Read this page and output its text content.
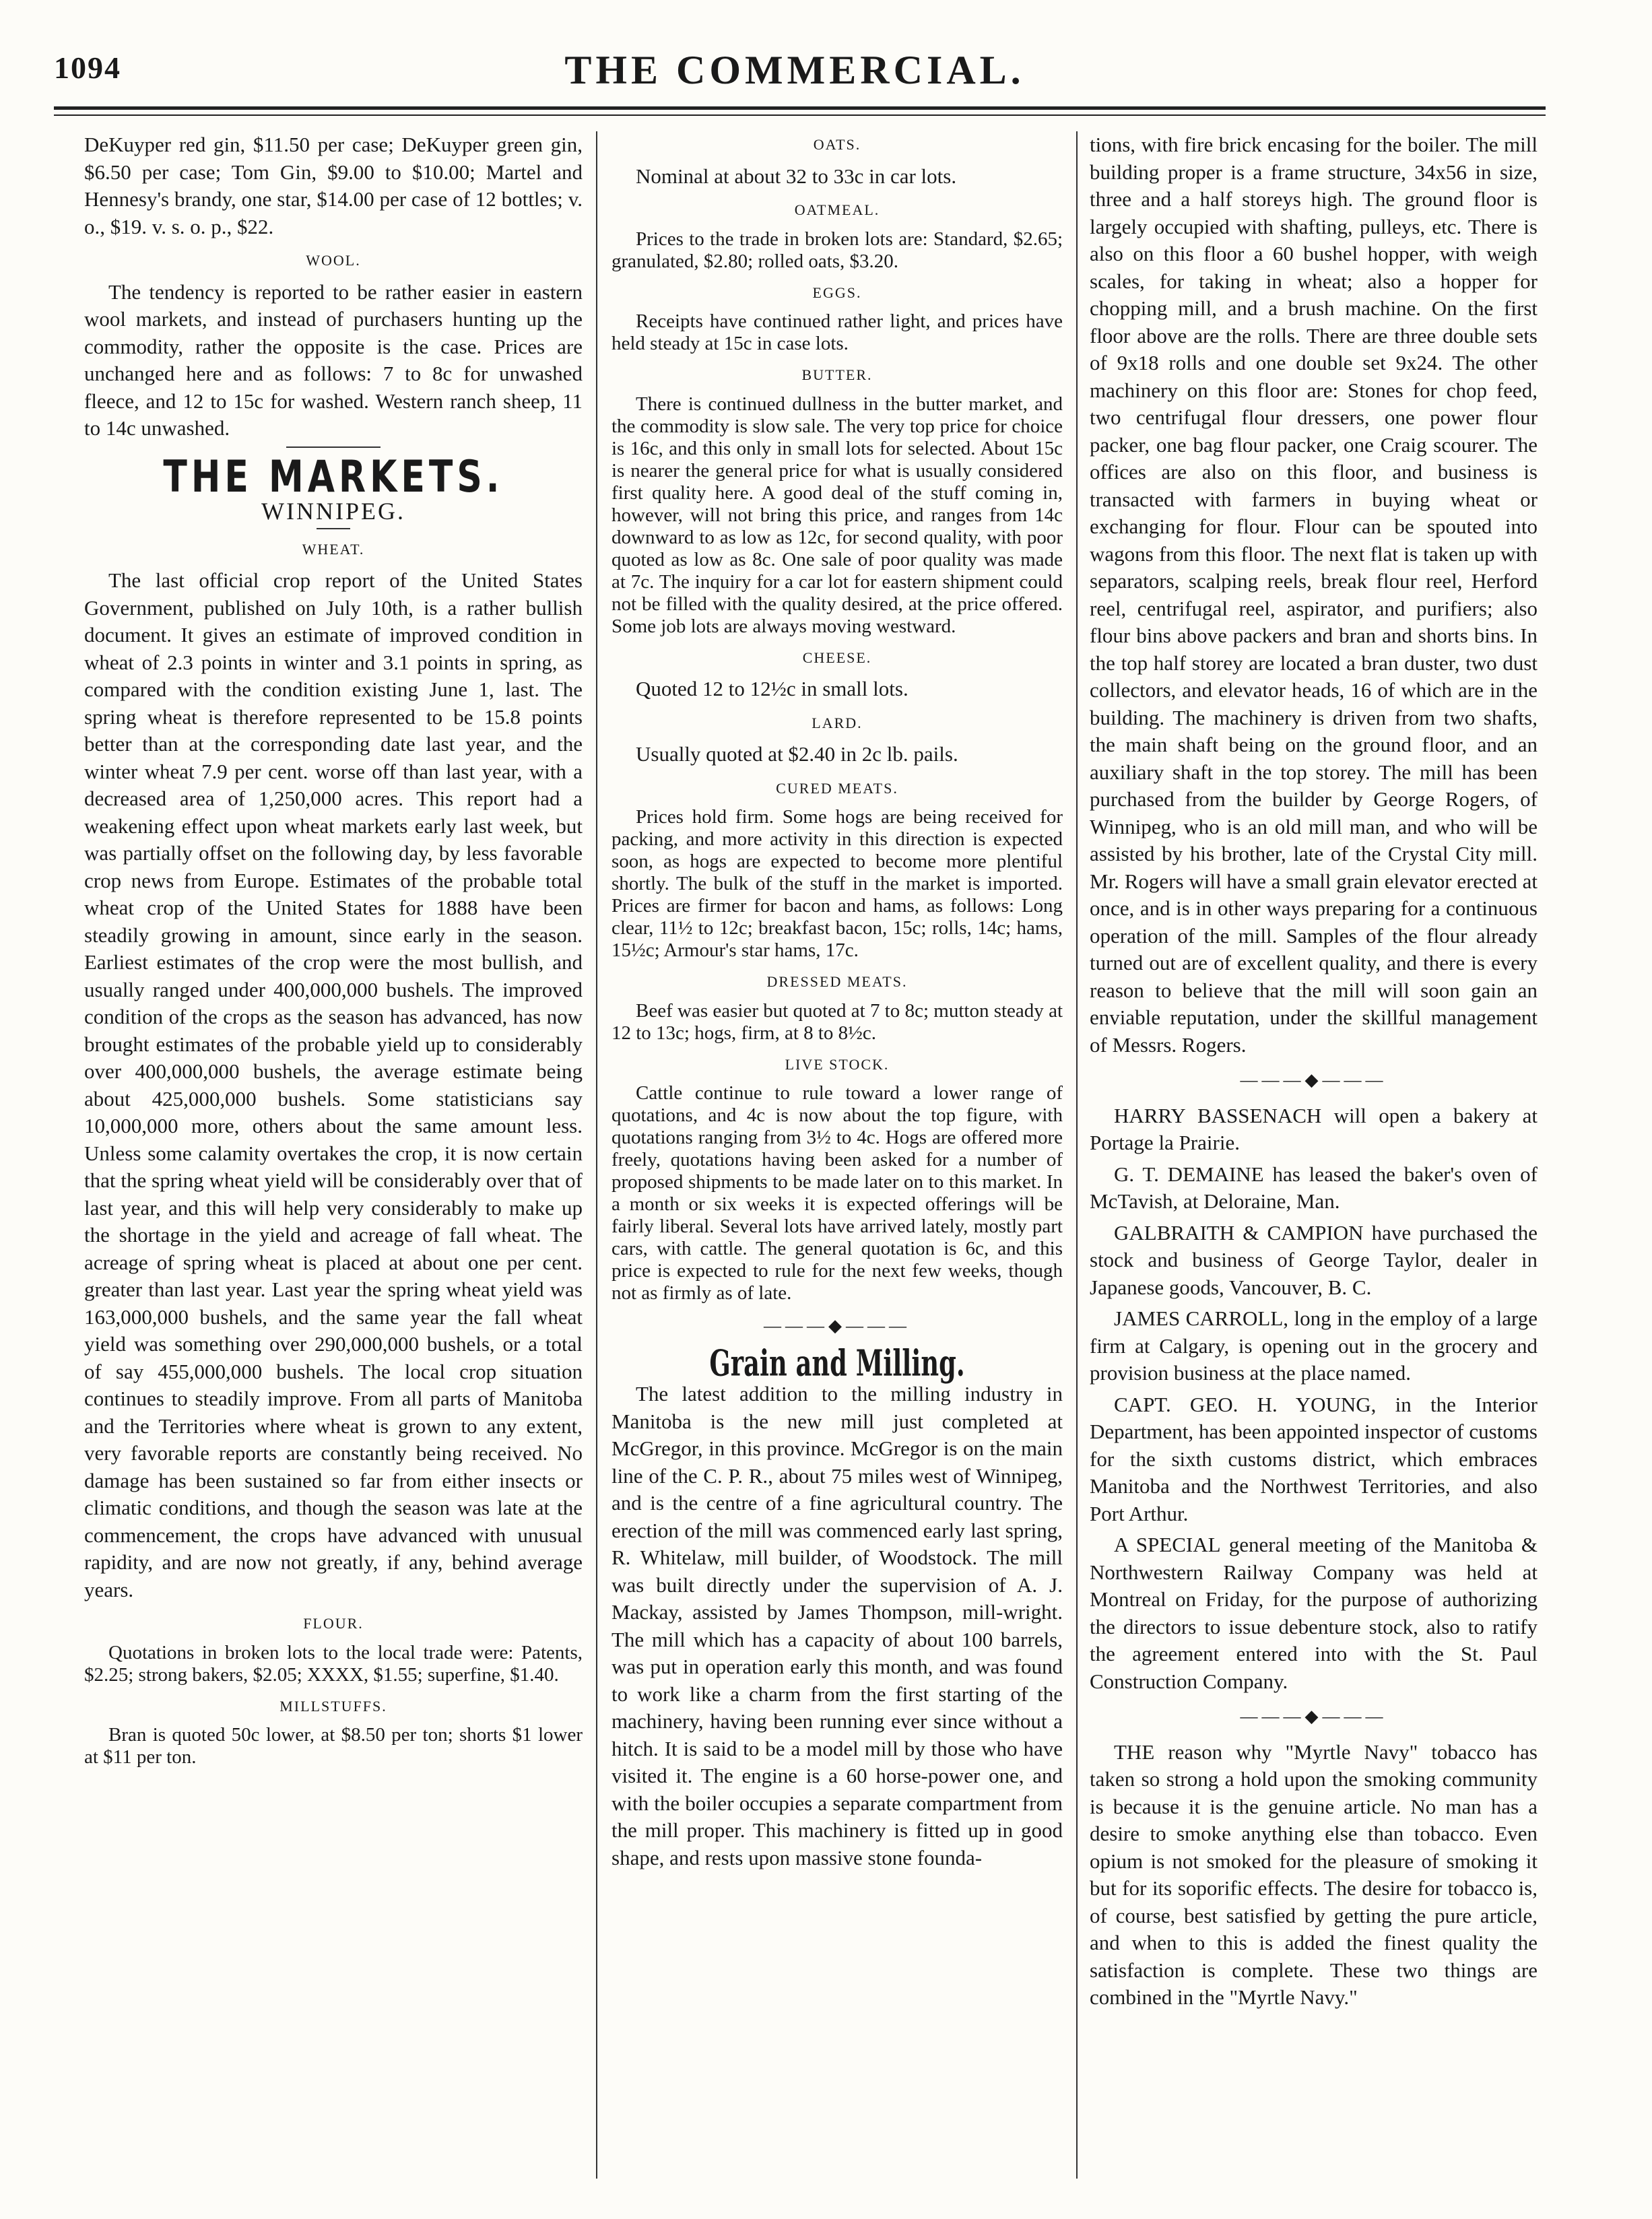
1094	THE COMMERCIAL.

DeKuyper red gin, $11.50 per case; DeKuyper green gin, $6.50 per case; Tom Gin, $9.00 to $10.00; Martel and Hennesy's brandy, one star, $14.00 per case of 12 bottles; v. o., $19. v. s. o. p., $22.

WOOL.

The tendency is reported to be rather easier in eastern wool markets, and instead of purchasers hunting up the commodity, rather the opposite is the case. Prices are unchanged here and as follows: 7 to 8c for unwashed fleece, and 12 to 15c for washed. Western ranch sheep, 11 to 14c unwashed.

THE MARKETS.
WINNIPEG.
WHEAT.

The last official crop report of the United States Government, published on July 10th, is a rather bullish document. It gives an estimate of improved condition in wheat of 2.3 points in winter and 3.1 points in spring, as compared with the condition existing June 1, last. The spring wheat is therefore represented to be 15.8 points better than at the corresponding date last year, and the winter wheat 7.9 per cent. worse off than last year, with a decreased area of 1,250,000 acres. This report had a weakening effect upon wheat markets early last week, but was partially offset on the following day, by less favorable crop news from Europe. Estimates of the probable total wheat crop of the United States for 1888 have been steadily growing in amount, since early in the season. Earliest estimates of the crop were the most bullish, and usually ranged under 400,000,000 bushels. The improved condition of the crops as the season has advanced, has now brought estimates of the probable yield up to considerably over 400,000,000 bushels, the average estimate being about 425,000,000 bushels. Some statisticians say 10,000,000 more, others about the same amount less. Unless some calamity overtakes the crop, it is now certain that the spring wheat yield will be considerably over that of last year, and this will help very considerably to make up the shortage in the yield and acreage of fall wheat. The acreage of spring wheat is placed at about one per cent. greater than last year. Last year the spring wheat yield was 163,000,000 bushels, and the same year the fall wheat yield was something over 290,000,000 bushels, or a total of say 455,000,000 bushels. The local crop situation continues to steadily improve. From all parts of Manitoba and the Territories where wheat is grown to any extent, very favorable reports are constantly being received. No damage has been sustained so far from either insects or climatic conditions, and though the season was late at the commencement, the crops have advanced with unusual rapidity, and are now not greatly, if any, behind average years.

FLOUR.

Quotations in broken lots to the local trade were: Patents, $2.25; strong bakers, $2.05; XXXX, $1.55; superfine, $1.40.

MILLSTUFFS.

Bran is quoted 50c lower, at $8.50 per ton; shorts $1 lower at $11 per ton.

OATS.

Nominal at about 32 to 33c in car lots.

OATMEAL.

Prices to the trade in broken lots are: Standard, $2.65; granulated, $2.80; rolled oats, $3.20.

EGGS.

Receipts have continued rather light, and prices have held steady at 15c in case lots.

BUTTER.

There is continued dullness in the butter market, and the commodity is slow sale. The very top price for choice is 16c, and this only in small lots for selected. About 15c is nearer the general price for what is usually considered first quality here. A good deal of the stuff coming in, however, will not bring this price, and ranges from 14c downward to as low as 12c, for second quality, with poor quoted as low as 8c. One sale of poor quality was made at 7c. The inquiry for a car lot for eastern shipment could not be filled with the quality desired, at the price offered. Some job lots are always moving westward.

CHEESE.

Quoted 12 to 12½c in small lots.

LARD.

Usually quoted at $2.40 in 2c lb. pails.

CURED MEATS.

Prices hold firm. Some hogs are being received for packing, and more activity in this direction is expected soon, as hogs are expected to become more plentiful shortly. The bulk of the stuff in the market is imported. Prices are firmer for bacon and hams, as follows: Long clear, 11½ to 12c; breakfast bacon, 15c; rolls, 14c; hams, 15½c; Armour's star hams, 17c.

DRESSED MEATS.

Beef was easier but quoted at 7 to 8c; mutton steady at 12 to 13c; hogs, firm, at 8 to 8½c.

LIVE STOCK.

Cattle continue to rule toward a lower range of quotations, and 4c is now about the top figure, with quotations ranging from 3½ to 4c. Hogs are offered more freely, quotations having been asked for a number of proposed shipments to be made later on to this market. In a month or six weeks it is expected offerings will be fairly liberal. Several lots have arrived lately, mostly part cars, with cattle. The general quotation is 6c, and this price is expected to rule for the next few weeks, though not as firmly as of late.

———◆———
Grain and Milling.

The latest addition to the milling industry in Manitoba is the new mill just completed at McGregor, in this province. McGregor is on the main line of the C. P. R., about 75 miles west of Winnipeg, and is the centre of a fine agricultural country. The erection of the mill was commenced early last spring, R. Whitelaw, mill builder, of Woodstock. The mill was built directly under the supervision of A. J. Mackay, assisted by James Thompson, mill-wright. The mill which has a capacity of about 100 barrels, was put in operation early this month, and was found to work like a charm from the first starting of the machinery, having been running ever since without a hitch. It is said to be a model mill by those who have visited it. The engine is a 60 horse-power one, and with the boiler occupies a separate compartment from the mill proper. This machinery is fitted up in good shape, and rests upon massive stone founda-

tions, with fire brick encasing for the boiler. The mill building proper is a frame structure, 34x56 in size, three and a half storeys high. The ground floor is largely occupied with shafting, pulleys, etc. There is also on this floor a 60 bushel hopper, with weigh scales, for taking in wheat; also a hopper for chopping mill, and a brush machine. On the first floor above are the rolls. There are three double sets of 9x18 rolls and one double set 9x24. The other machinery on this floor are: Stones for chop feed, two centrifugal flour dressers, one power flour packer, one bag flour packer, one Craig scourer. The offices are also on this floor, and business is transacted with farmers in buying wheat or exchanging for flour. Flour can be spouted into wagons from this floor. The next flat is taken up with separators, scalping reels, break flour reel, Herford reel, centrifugal reel, aspirator, and purifiers; also flour bins above packers and bran and shorts bins. In the top half storey are located a bran duster, two dust collectors, and elevator heads, 16 of which are in the building. The machinery is driven from two shafts, the main shaft being on the ground floor, and an auxiliary shaft in the top storey. The mill has been purchased from the builder by George Rogers, of Winnipeg, who is an old mill man, and who will be assisted by his brother, late of the Crystal City mill. Mr. Rogers will have a small grain elevator erected at once, and is in other ways preparing for a continuous operation of the mill. Samples of the flour already turned out are of excellent quality, and there is every reason to believe that the mill will soon gain an enviable reputation, under the skillful management of Messrs. Rogers.

———◆———

HARRY BASSENACH will open a bakery at Portage la Prairie.

G. T. DEMAINE has leased the baker's oven of McTavish, at Deloraine, Man.

GALBRAITH & CAMPION have purchased the stock and business of George Taylor, dealer in Japanese goods, Vancouver, B. C.

JAMES CARROLL, long in the employ of a large firm at Calgary, is opening out in the grocery and provision business at the place named.

CAPT. GEO. H. YOUNG, in the Interior Department, has been appointed inspector of customs for the sixth customs district, which embraces Manitoba and the Northwest Territories, and also Port Arthur.

A SPECIAL general meeting of the Manitoba & Northwestern Railway Company was held at Montreal on Friday, for the purpose of authorizing the directors to issue debenture stock, also to ratify the agreement entered into with the St. Paul Construction Company.

———◆———

THE reason why "Myrtle Navy" tobacco has taken so strong a hold upon the smoking community is because it is the genuine article. No man has a desire to smoke anything else than tobacco. Even opium is not smoked for the pleasure of smoking it but for its soporific effects. The desire for tobacco is, of course, best satisfied by getting the pure article, and when to this is added the finest quality the satisfaction is complete. These two things are combined in the "Myrtle Navy."
